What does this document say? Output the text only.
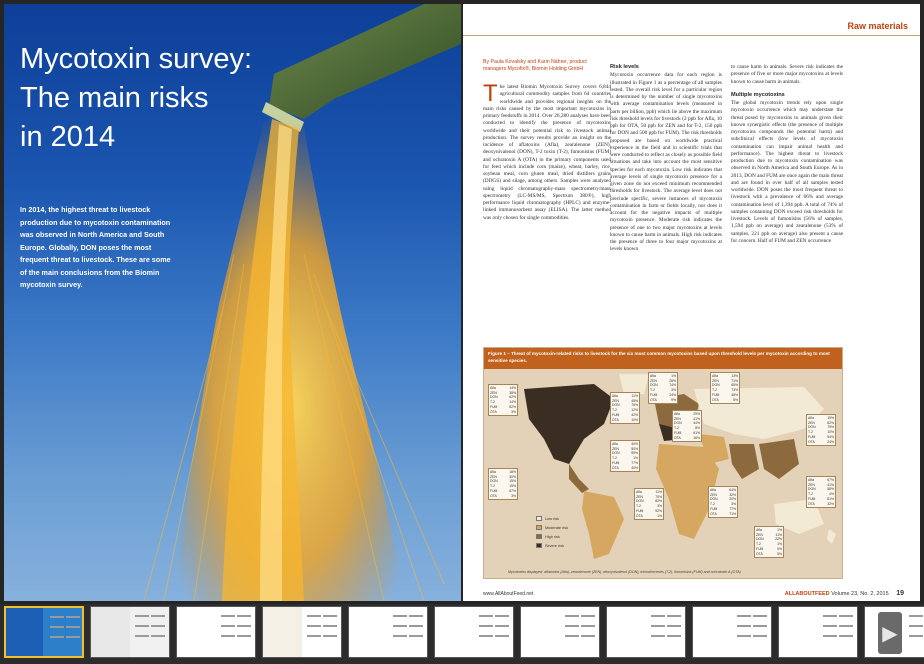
Mycotoxin survey:
The main risks
in 2014
In 2014, the highest threat to livestock production due to mycotoxin contamination was observed in North America and South Europe. Globally, DON poses the most frequent threat to livestock. These are some of the main conclusions from the Biomin mycotoxin survey.
Raw materials
By Paula Kovalsky and Karin Nährer, product managers Mycofix®, Biomin Holding GmbH

The latest Biomin Mycotoxin Survey covers 6,844 agricultural commodity samples from 64 countries worldwide and provides regional insights on the main risks caused by the most important mycotoxins in primary feedstuffs in 2014. Over 26,280 analyses have been conducted to identify the presence of mycotoxins worldwide and their potential risk to livestock animal production. The survey results provide an insight on the incidence of aflatoxins (Afla), zearalenone (ZEN), deoxynivalenol (DON), T-2 toxin (T-2), fumonisins (FUM) and ochratoxin A (OTA) in the primary components used for feed which include corn (maize), wheat, barley, rice, soybean meal, corn gluten meal, dried distillers grains (DDGS) and silage, among others. Samples were analysed using liquid chromatography-mass spectrometry/mass spectrometry (LC-MS/MS, Spectrum 380®), high performance liquid chromatography (HPLC) and enzyme-linked immunosorbent assay (ELISA). The latter method was only chosen for single commodities.

Risk levels

Mycotoxin occurrence data for each region is illustrated in Figure 1 as a percentage of all samples tested. The overall risk level for a particular region is determined by the number of single mycotoxins with average contamination levels (measured in parts per billion, ppb) which lie above the maximum risk threshold levels for livestock (2 ppb for Afla, 10 ppb for OTA, 50 ppb for ZEN and for T-2, 150 ppb for DON and 500 ppb for FUM). The risk thresholds proposed are based on worldwide practical experience in the field and in scientific trials that were conducted to reflect as closely as possible field situations and take into account the most sensitive species for each mycotoxin. Low risk indicates that average levels of single mycotoxin presence for a given zone do not exceed minimum recommended thresholds for livestock. The average level does not preclude specific, severe instances of mycotoxin contamination in farm or fields locally, nor does it account for the negative impacts of multiple mycotoxin presence. Moderate risk indicates the presence of one to two major mycotoxins at levels known to cause harm in animals. High risk indicates the presence of three to four major mycotoxins at levels known

to cause harm in animals. Severe risk indicates the presence of five or more major mycotoxins at levels known to cause harm in animals.

Multiple mycotoxins

The global mycotoxin trends rely upon single mycotoxin occurrence which may understate the threat posed by mycotoxins to animals given their known synergistic effects (the presence of multiple mycotoxins compounds the potential harm) and subclinical effects (low levels of mycotoxin contamination can impair animal health and performance). The highest threat to livestock production due to mycotoxin contamination was observed in North America and South Europe. As in 2013, DON and FUM are once again the main threat and are found in over half of all samples tested worldwide. DON poses the most frequent threat to livestock with a prevalence of 66% and average contamination level of 1,394 ppb. A total of 74% of samples containing DON exceed risk thresholds for livestock. Levels of fumonisins (56% of samples, 1,594 ppb on average) and zearalenone (53% of samples, 221 ppb on average) also present a cause for concern. Half of FUM and ZEN occurrence

Figure 1 – Threat of mycotoxin-related risks to livestock for the six most common mycotoxins based upon threshold levels per mycotoxin according to most sensitive species.
Afla	14%
ZEN	38%
DON	62%
T-2	14%
FUM	52%
OTA	3%
Afla	1%
ZEN	28%
DON	74%
T-2	3%
FUM	24%
OTA	9%
Afla	13%
ZEN	71%
DON	65%
T-2	73%
FUM	45%
OTA	5%
Afla	11%
ZEN	45%
DON	76%
T-2	12%
FUM	42%
OTA	10%	Afla	15%
ZEN	62%
DON	79%
T-2	10%
FUM	54%
OTA	24%
Afla	29%
ZEN	41%
DON	44%
T-2	8%
FUM	61%
OTA	16%
Afla	40%
ZEN	50%
DON	59%
T-2	1%
FUM	77%
OTA	40%
Afla	18%
ZEN	30%
DON	15%
T-2	15%
FUM	67%
OTA	3%
Afla	11%
ZEN	70%
DON	62%
T-2	3%
FUM	92%
OTA	1%
Afla	64%
ZEN	32%
DON	20%
T-2	3%
FUM	77%
OTA	71%
Afla	67%
ZEN	41%
DON	58%
T-2	4%
FUM	81%
OTA	32%
Afla	1%
ZEN	11%
DON	22%
T-2	1%
FUM	0%
OTA	5%
Low risk
Moderate risk
High risk
Severe risk
Mycotoxins displayed: aflatoxins (Afla), zearalenone (ZEN), deoxynivalenol (DON), trichothecenes (T-2), fumonisins (FUM) and ochratoxin A (OTA)
www.AllAboutFeed.net	ALLABOUTFEED Volume 23, No. 2, 2015 19
▶
